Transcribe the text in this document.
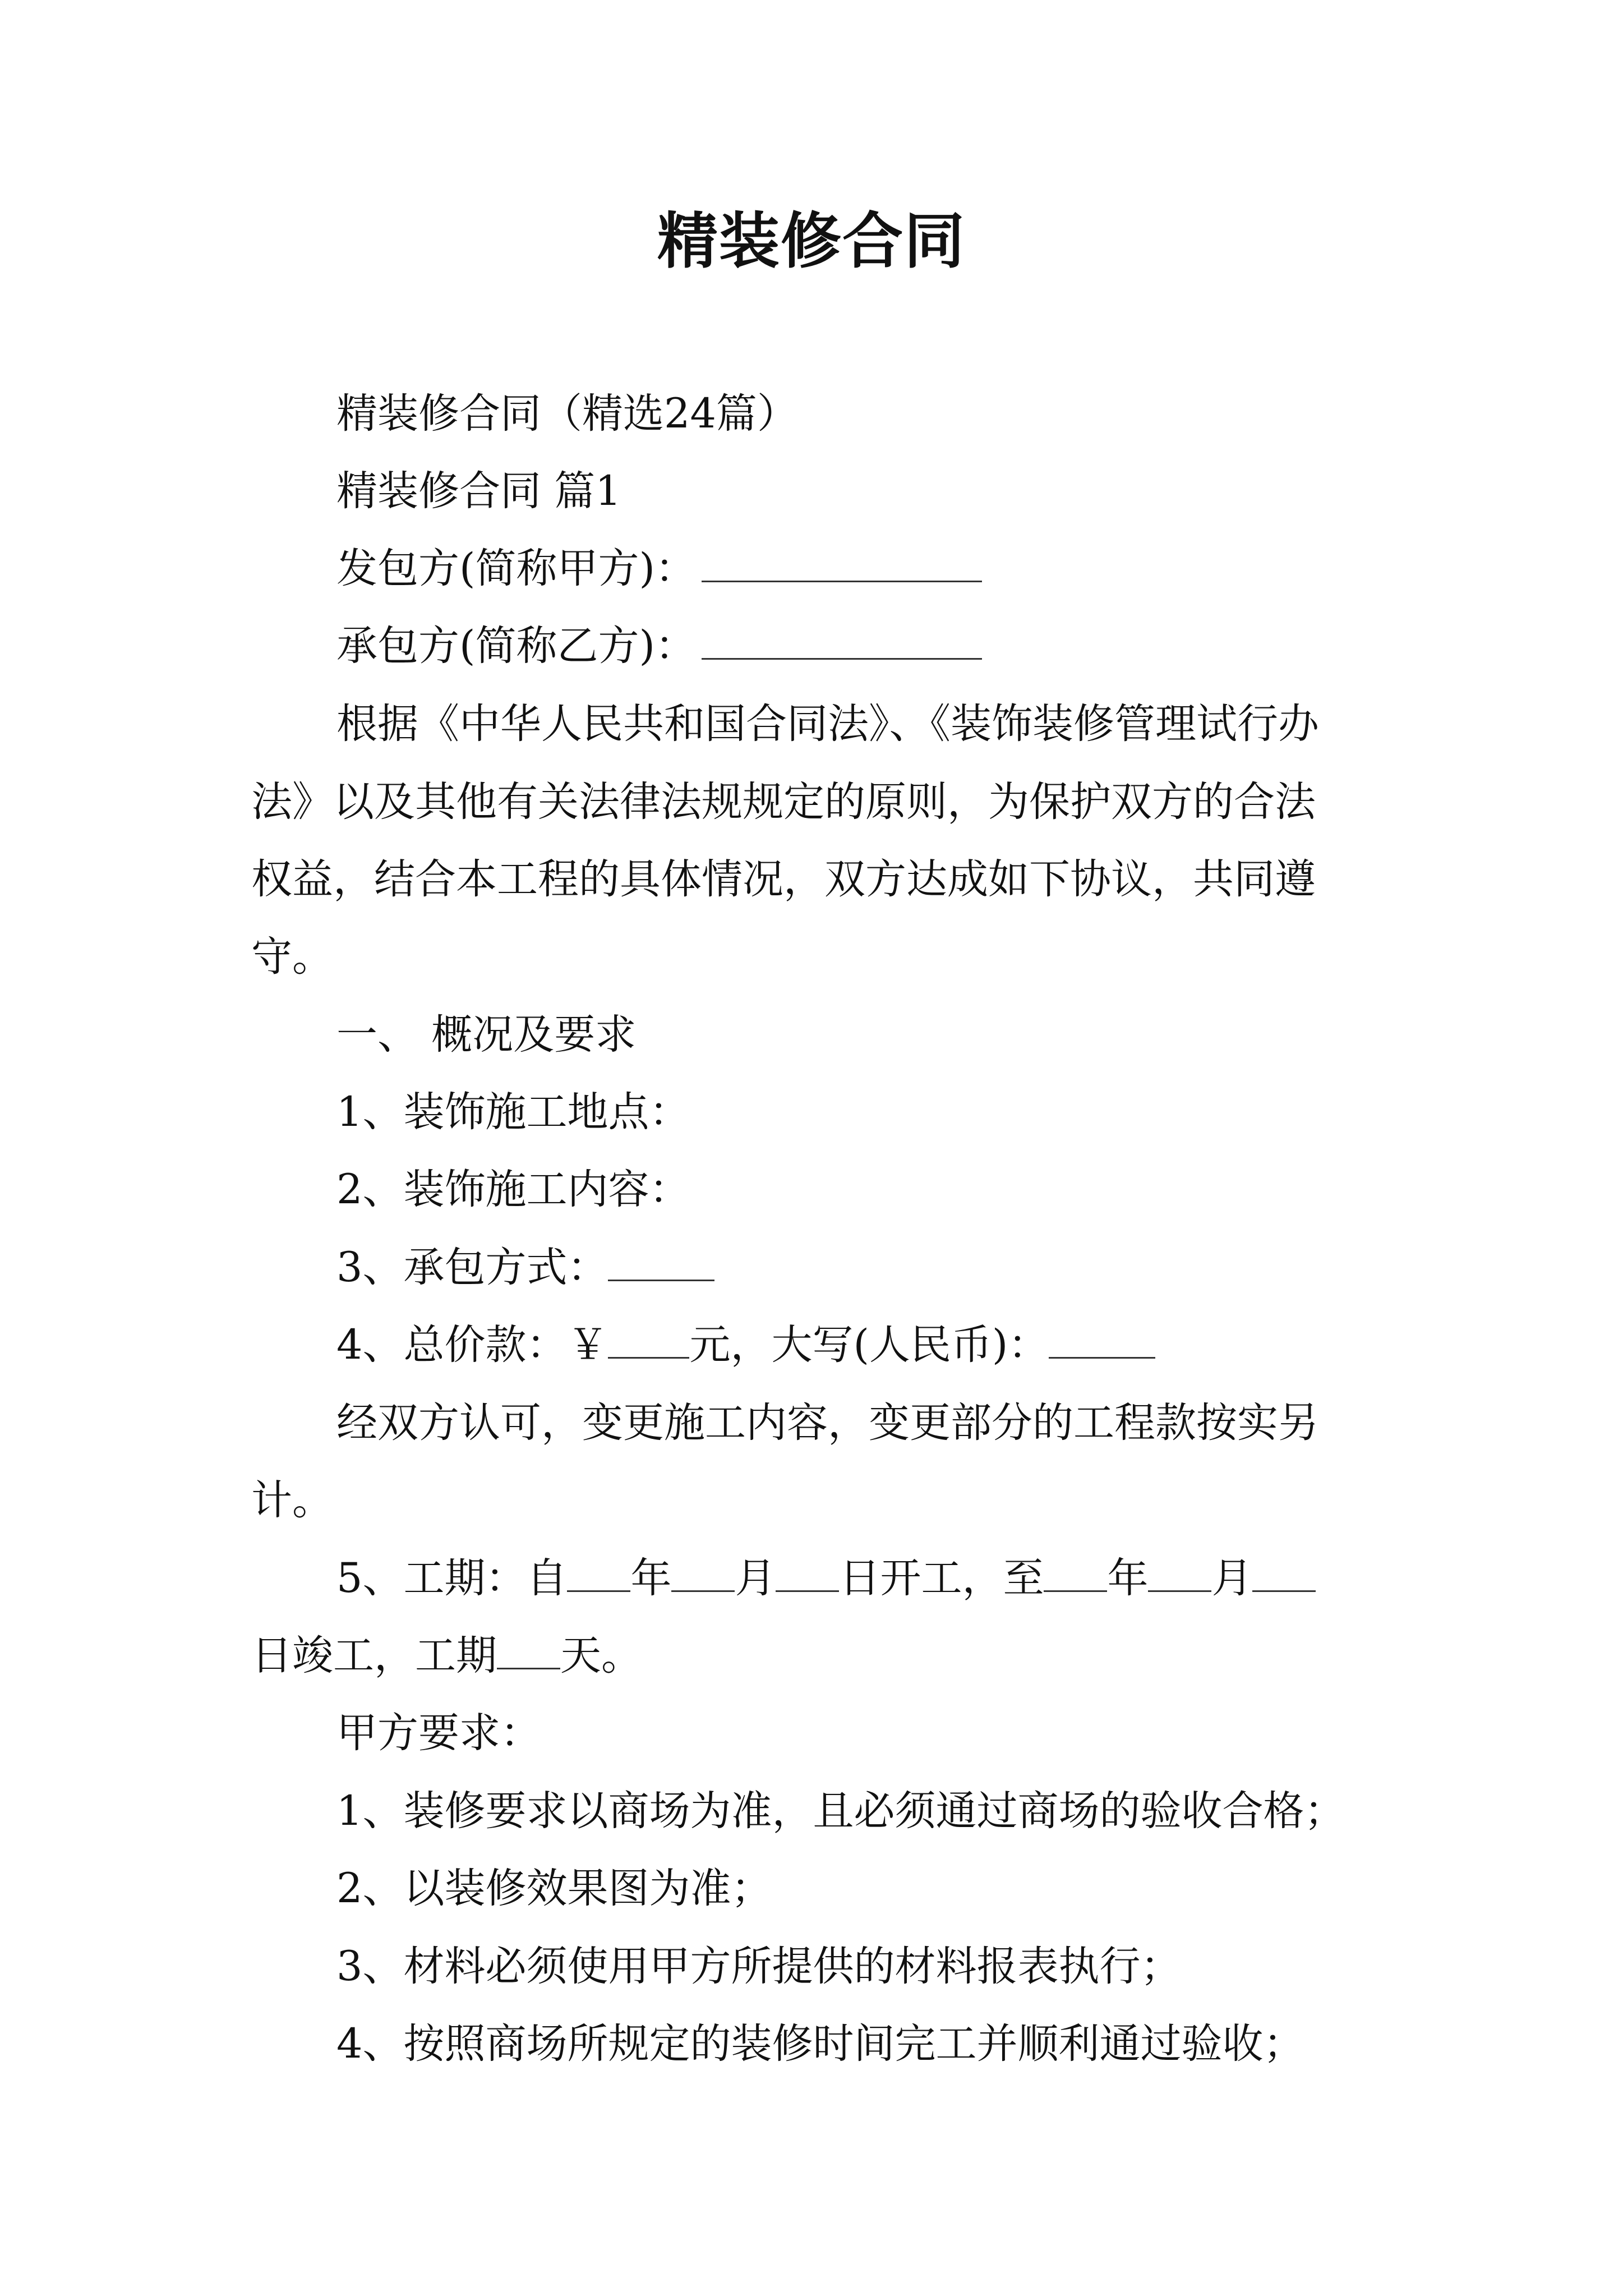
精装修合同

精装修合同（精选24篇）

精装修合同 篇1

发包方(简称甲方)：

承包方(简称乙方)：

根据《中华人民共和国合同法》、《装饰装修管理试行办

法》以及其他有关法律法规规定的原则，为保护双方的合法

权益，结合本工程的具体情况，双方达成如下协议，共同遵

守。

一、 概况及要求

1、装饰施工地点：

2、装饰施工内容：

3、承包方式：

4、总价款：￥ 元，大写(人民币)：

经双方认可，变更施工内容，变更部分的工程款按实另

计。

5、工期：自 年 月 日开工，至 年 月

日竣工，工期 天。

甲方要求：

1、装修要求以商场为准，且必须通过商场的验收合格；

2、以装修效果图为准；

3、材料必须使用甲方所提供的材料报表执行；

4、按照商场所规定的装修时间完工并顺利通过验收；
